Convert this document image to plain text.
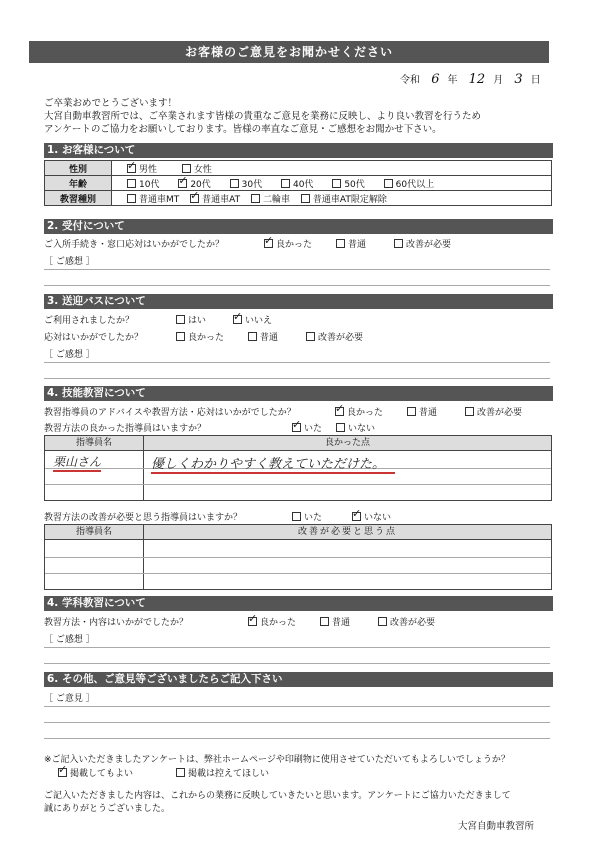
お客様のご意見をお聞かせください
令和 6 年 12 月 3 日
ご卒業おめでとうございます！
大宮自動車教習所では、ご卒業されます皆様の貴重なご意見を業務に反映し、より良い教習を行うため
アンケートのご協力をお願いしております。皆様の率直なご意見・ご感想をお聞かせ下さい。
1. お客様について
性別	✓男性 女性
年齢	10代 ✓ 20代 30代 40代 50代 60代以上
教習種別	普通車MT ✓ 普通車AT 二輪車 普通車AT限定解除
2. 受付について
ご入所手続き・窓口応対はいかがでしたか？ ✓	良かった	普通	改善が必要
［ ご感想 ］
3. 送迎バスについて
ご利用されましたか？	はい ✓	いいえ
応対はいかがでしたか？	良かった	普通	改善が必要
［ ご感想 ］
4. 技能教習について
教習指導員のアドバイスや教習方法・応対はいかがでしたか？ ✓	良かった	普通	改善が必要
教習方法の良かった指導員はいますか？ ✓	いた	いない
指導員名	良かった点
栗山さん	優しくわかりやすく教えていただけた。
教習方法の改善が必要と思う指導員はいますか？	いた ✓	いない
指導員名	改善が必要と思う点
4. 学科教習について
教習方法・内容はいかがでしたか？ ✓	良かった	普通	改善が必要
［ ご感想 ］
6. その他、ご意見等ございましたらご記入下さい
［ ご意見 ］
※ご記入いただきましたアンケートは、弊社ホームページや印刷物に使用させていただいてもよろしいでしょうか？
✓掲載してもよい	掲載は控えてほしい
ご記入いただきました内容は、これからの業務に反映していきたいと思います。アンケートにご協力いただきまして
誠にありがとうございました。
大宮自動車教習所
